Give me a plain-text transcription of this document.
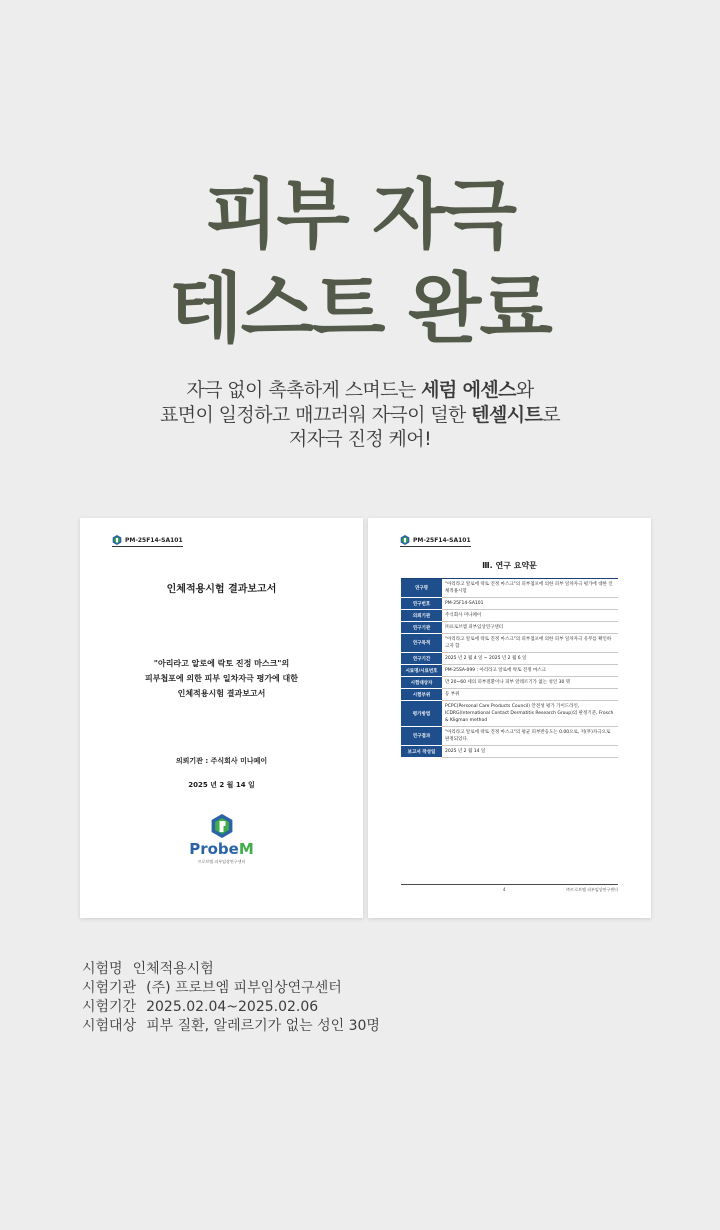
피부 자극
테스트 완료
자극 없이 촉촉하게 스며드는 세럼 에센스와
표면이 일정하고 매끄러워 자극이 덜한 텐셀시트로
저자극 진정 케어!
PM-25F14-SA101
인체적용시험 결과보고서
"아리라고 알로에 락토 진정 마스크"의
피부첩포에 의한 피부 일차자극 평가에 대한
인체적용시험 결과보고서
의뢰기관 : 주식회사 미나페이
2025 년 2 월 14 일
ProbeM
프로브엠 피부임상연구센터
PM-25F14-SA101
Ⅲ. 연구 요약문
연구명	"아리라고 알로에 락토 진정 마스크"의 피부첩포에 의한 피부 일차자극 평가에 대한 인체적용시험
연구번호	PM-25F14-SA101
의뢰기관	주식회사 미나페이
연구기관	㈜프로브엠 피부임상연구센터
연구목적	"아리라고 알로에 락토 진정 마스크"의 피부첩포에 의한 피부 일차자극 유무를 확인하고자 함
연구기간	2025 년 2 월 4 일 ~ 2025 년 2 월 6 일
시료명/시료번호	PM-25SA-099 : 아리라고 알로에 락토 진정 마스크
시험대상자	만 20~60 세의 피부질환이나 피부 알레르기가 없는 성인 30 명
시험부위	등 부위
평가방법	PCPC(Personal Care Products Council) 안전성 평가 가이드라인, ICDRG(International Contact Dermatitis Research Group)의 판정기준, Frosch & Kligman method
연구결과	"아리라고 알로에 락토 진정 마스크"의 평균 피부반응도는 0.00으로, 저(무)자극으로 판정되었다.
보고서 작성일	2025 년 2 월 14 일
4	㈜프로브엠 피부임상연구센터
시험명 인체적용시험
시험기관 (주) 프로브엠 피부임상연구센터
시험기간 2025.02.04~2025.02.06
시험대상 피부 질환, 알레르기가 없는 성인 30명
